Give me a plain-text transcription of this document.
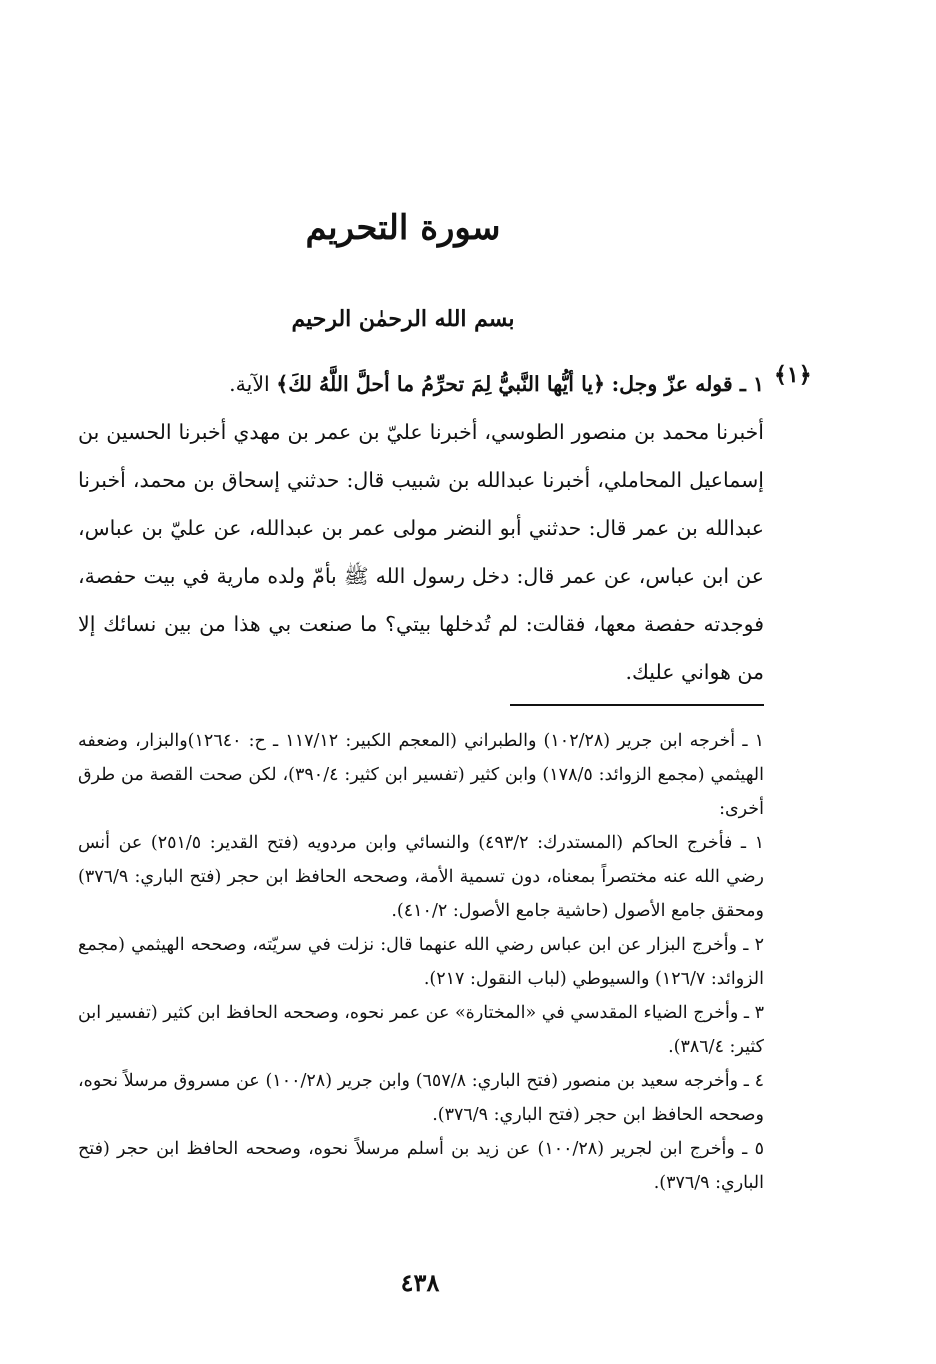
سورة التحريم
بسم الله الرحمٰن الرحيم
﴿١﴾

١ ـ قوله عزّ وجل: ﴿يا أيُّها النَّبيُّ لِمَ تحرِّمُ ما أحلَّ اللَّهُ لكَ﴾ الآية.

أخبرنا محمد بن منصور الطوسي، أخبرنا عليّ بن عمر بن مهدي أخبرنا الحسين بن إسماعيل المحاملي، أخبرنا عبدالله بن شبيب قال: حدثني إسحاق بن محمد، أخبرنا عبدالله بن عمر قال: حدثني أبو النضر مولى عمر بن عبدالله، عن عليّ بن عباس، عن ابن عباس، عن عمر قال: دخل رسول الله ﷺ بأمّ ولده مارية في بيت حفصة، فوجدته حفصة معها، فقالت: لم تُدخلها بيتي؟ ما صنعت بي هذا من بين نسائك إلا من هواني عليك.

١ ـ أخرجه ابن جرير (١٠٢/٢٨) والطبراني (المعجم الكبير: ١١٧/١٢ ـ ح: ١٢٦٤٠)والبزار، وضعفه الهيثمي (مجمع الزوائد: ١٧٨/٥) وابن كثير (تفسير ابن كثير: ٣٩٠/٤)، لكن صحت القصة من طرق أخرى:

١ ـ فأخرج الحاكم (المستدرك: ٤٩٣/٢) والنسائي وابن مردويه (فتح القدير: ٢٥١/٥) عن أنس رضي الله عنه مختصراً بمعناه، دون تسمية الأمة، وصححه الحافظ ابن حجر (فتح الباري: ٣٧٦/٩) ومحقق جامع الأصول (حاشية جامع الأصول: ٤١٠/٢).

٢ ـ وأخرج البزار عن ابن عباس رضي الله عنهما قال: نزلت في سريّته، وصححه الهيثمي (مجمع الزوائد: ١٢٦/٧) والسيوطي (لباب النقول: ٢١٧).

٣ ـ وأخرج الضياء المقدسي في «المختارة» عن عمر نحوه، وصححه الحافظ ابن كثير (تفسير ابن كثير: ٣٨٦/٤).

٤ ـ وأخرجه سعيد بن منصور (فتح الباري: ٦٥٧/٨) وابن جرير (١٠٠/٢٨) عن مسروق مرسلاً نحوه، وصححه الحافظ ابن حجر (فتح الباري: ٣٧٦/٩).

٥ ـ وأخرج ابن لجرير (١٠٠/٢٨) عن زيد بن أسلم مرسلاً نحوه، وصححه الحافظ ابن حجر (فتح الباري: ٣٧٦/٩).

٤٣٨
